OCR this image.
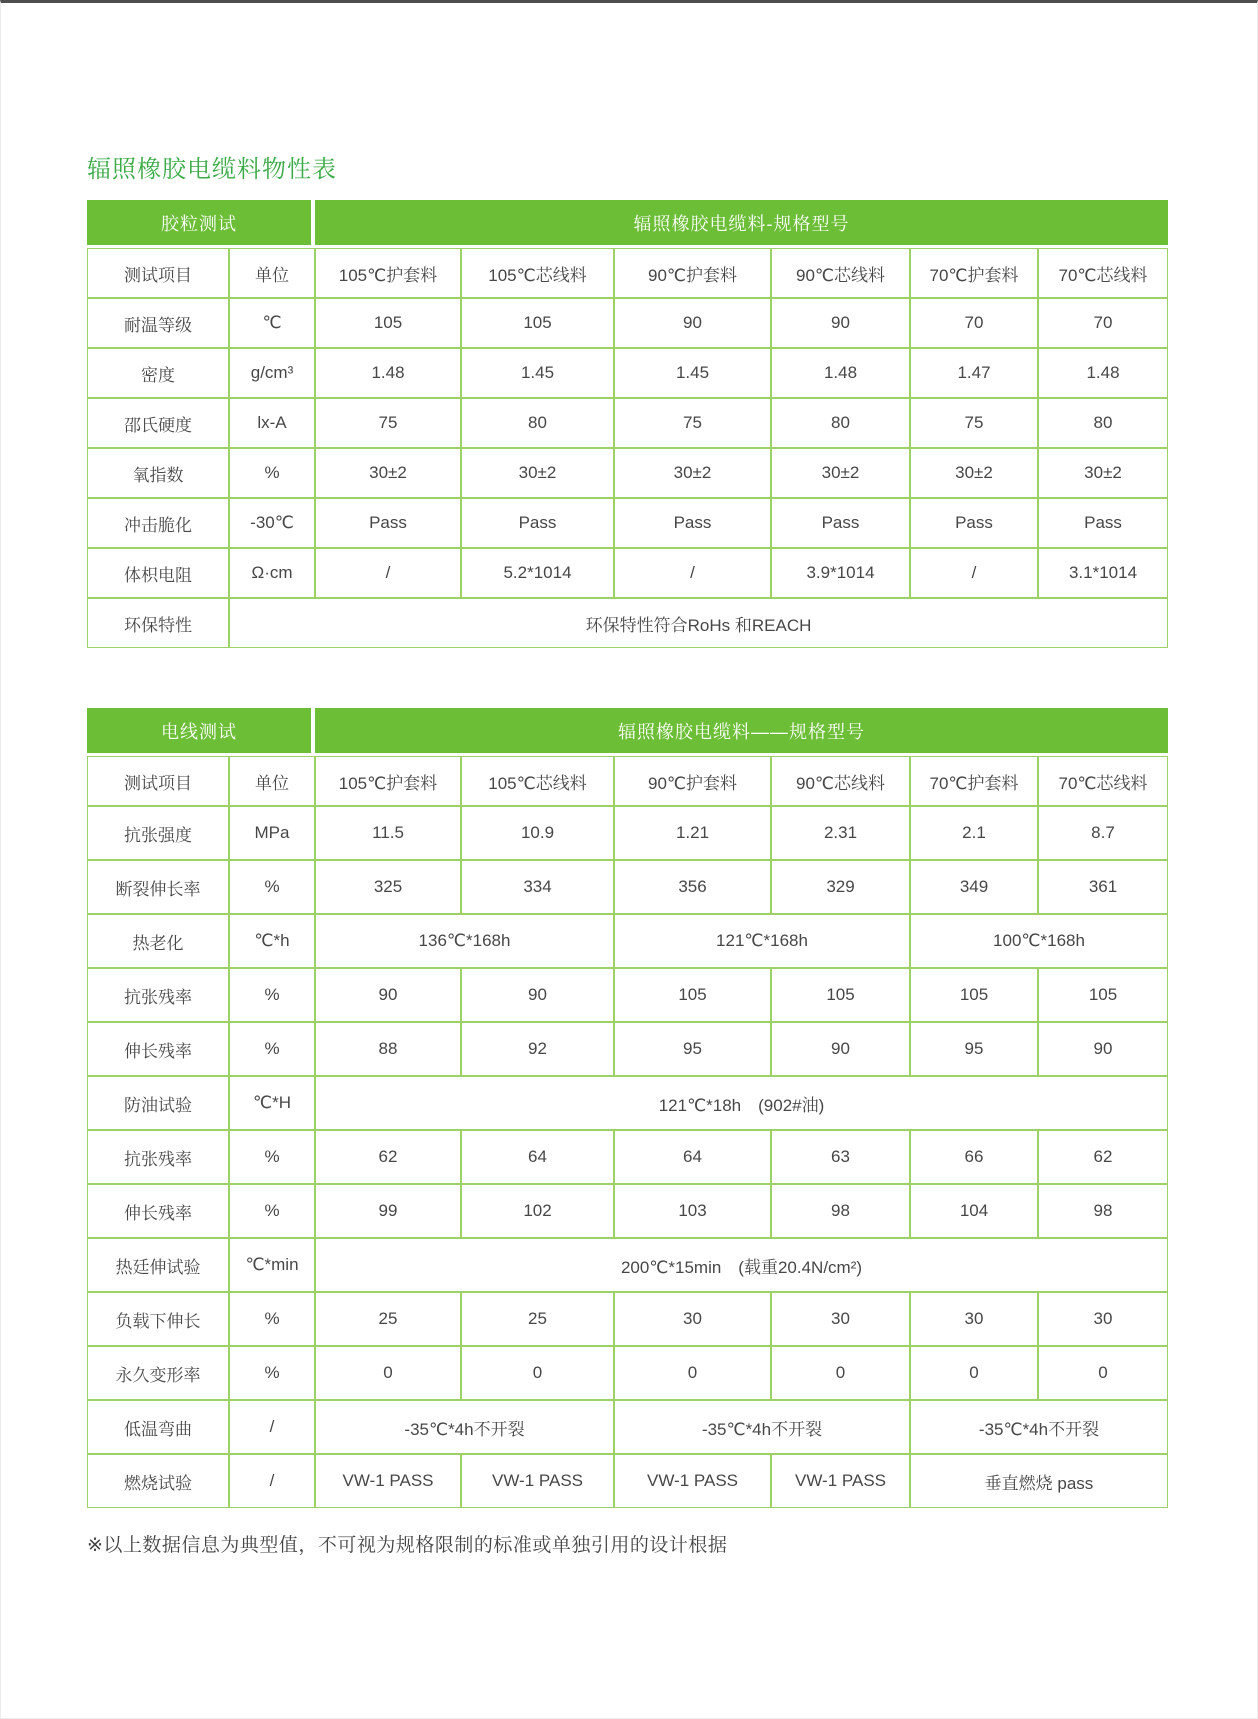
辐照橡胶电缆料物性表
胶粒测试		辐照橡胶电缆料-规格型号					
测试项目	单位	105℃护套料	105℃芯线料	90℃护套料	90℃芯线料	70℃护套料	70℃芯线料
耐温等级	℃	105	105	90	90	70	70
密度	g/cm³	1.48	1.45	1.45	1.48	1.47	1.48
邵氏硬度	lx-A	75	80	75	80	75	80
氧指数	%	30±2	30±2	30±2	30±2	30±2	30±2
冲击脆化	-30℃	Pass	Pass	Pass	Pass	Pass	Pass
体枳电阻	Ω·cm	/	5.2*1014	/	3.9*1014	/	3.1*1014
环保特性	环保特性符合RoHs 和REACH						
电线测试		辐照橡胶电缆料——规格型号					
测试项目	单位	105℃护套料	105℃芯线料	90℃护套料	90℃芯线料	70℃护套料	70℃芯线料
抗张强度	MPa	11.5	10.9	1.21	2.31	2.1	8.7
断裂伸长率	%	325	334	356	329	349	361
热老化	℃*h	136℃*168h		121℃*168h		100℃*168h	
抗张残率	%	90	90	105	105	105	105
伸长残率	%	88	92	95	90	95	90
防油试验	℃*H	121℃*18h　(902#油)					
抗张残率	%	62	64	64	63	66	62
伸长残率	%	99	102	103	98	104	98
热廷伸试验	℃*min	200℃*15min　(载重20.4N/cm²)					
负载下伸长	%	25	25	30	30	30	30
永久变形率	%	0	0	0	0	0	0
低温弯曲	/	-35℃*4h不开裂		-35℃*4h不开裂		-35℃*4h不开裂	
燃烧试验	/	VW-1 PASS	VW-1 PASS	VW-1 PASS	VW-1 PASS	垂直燃烧 pass	

※以上数据信息为典型值，不可视为规格限制的标准或单独引用的设计根据
